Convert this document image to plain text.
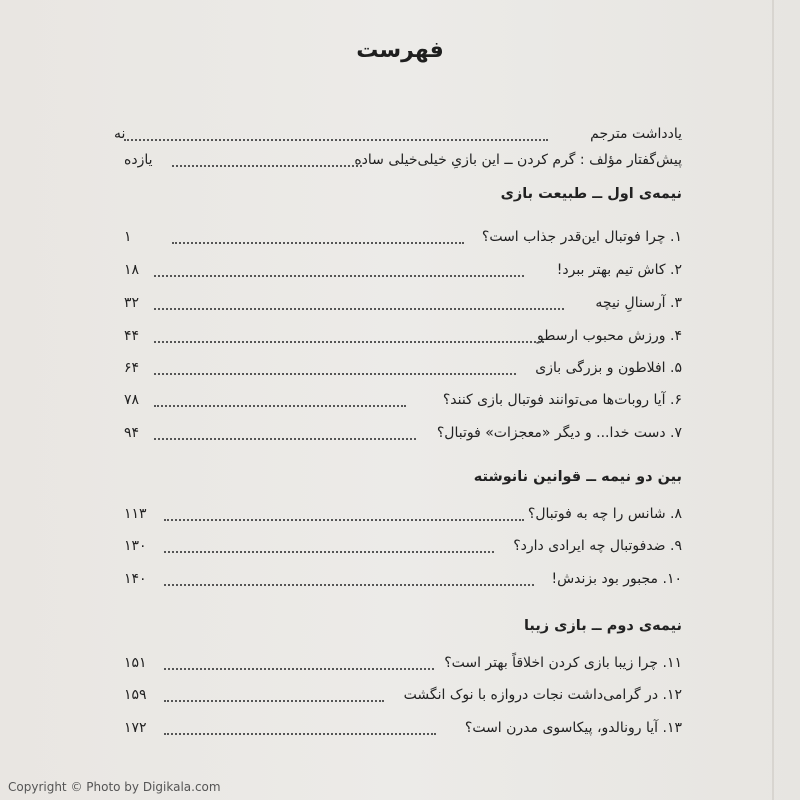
فهرست
یادداشت مترجم
نه
پیش‌گفتار مؤلف : گرم کردن ــ این بازیِ خیلی‌خیلی ساده
یازده
نیمه‌ی اول ــ طبیعت بازی
۱. چرا فوتبال این‌قدر جذاب است؟
۱
۲. کاش تیم بهتر ببرد!
۱۸
۳. آرسنالِ نیچه
۳۲
۴. ورزش محبوب ارسطو
۴۴
۵. افلاطون و بزرگی بازی
۶۴
۶. آیا روبات‌ها می‌توانند فوتبال بازی کنند؟
۷۸
۷. دست خدا... و دیگر «معجزات» فوتبال؟
۹۴
بین دو نیمه ــ قوانین نانوشته
۸. شانس را چه به فوتبال؟
۱۱۳
۹. ضدفوتبال چه ایرادی دارد؟
۱۳۰
۱۰. مجبور بود بزندش!
۱۴۰
نیمه‌ی دوم ــ بازی زیبا
۱۱. چرا زیبا بازی کردن اخلاقاً بهتر است؟
۱۵۱
۱۲. در گرامی‌داشت نجات دروازه با نوک انگشت
۱۵۹
۱۳. آیا رونالدو، پیکاسوی مدرن است؟
۱۷۲
Copyright © Photo by Digikala.com
